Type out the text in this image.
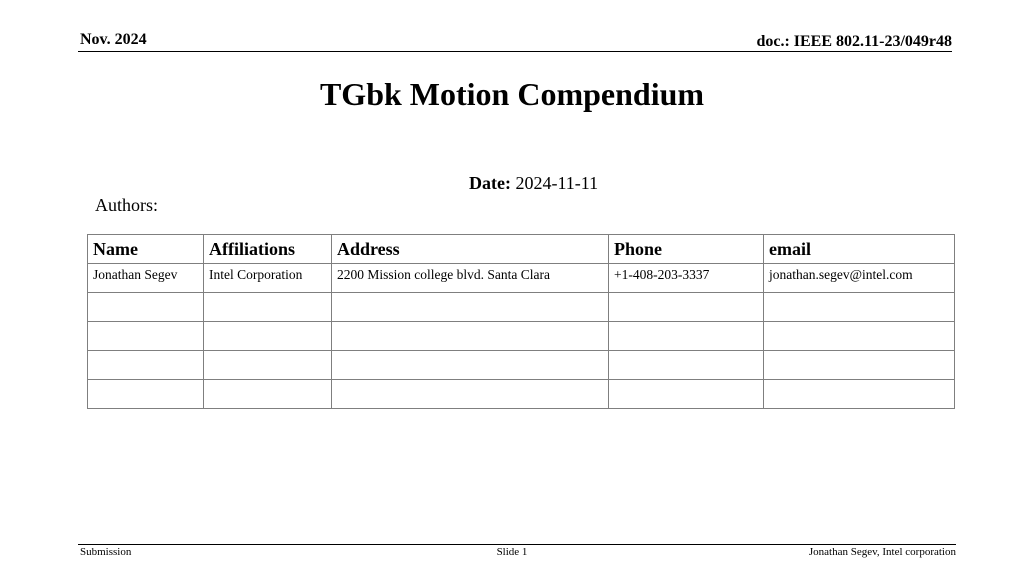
Nov. 2024	doc.: IEEE 802.11-23/049r48
TGbk Motion Compendium
Date: 2024-11-11
Authors:
Name	Affiliations	Address	Phone	email
Jonathan Segev	Intel Corporation	2200 Mission college blvd. Santa Clara	+1-408-203-3337	jonathan.segev@intel.com

Submission	Slide 1	Jonathan Segev, Intel corporation
